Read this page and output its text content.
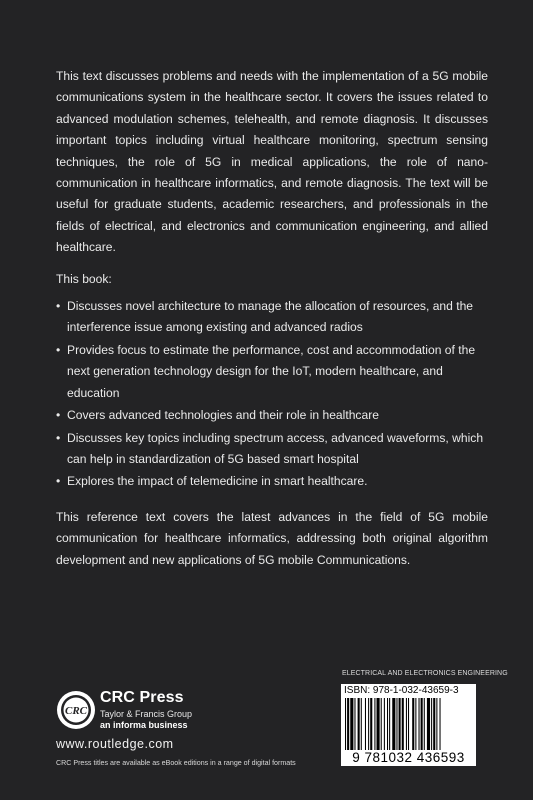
This text discusses problems and needs with the implementation of a 5G mobile communications system in the healthcare sector. It covers the issues related to advanced modulation schemes, telehealth, and remote diagnosis. It discusses important topics including virtual healthcare monitoring, spectrum sensing techniques, the role of 5G in medical applications, the role of nano-communication in healthcare informatics, and remote diagnosis. The text will be useful for graduate students, academic researchers, and professionals in the fields of electrical, and electronics and communication engineering, and allied healthcare.

This book:

• Discusses novel architecture to manage the allocation of resources, and the interference issue among existing and advanced radios
• Provides focus to estimate the performance, cost and accommodation of the next generation technology design for the IoT, modern healthcare, and education
• Covers advanced technologies and their role in healthcare
• Discusses key topics including spectrum access, advanced waveforms, which can help in standardization of 5G based smart hospital
• Explores the impact of telemedicine in smart healthcare.

This reference text covers the latest advances in the field of 5G mobile communication for healthcare informatics, addressing both original algorithm development and new applications of 5G mobile Communications.

CRC
CRC Press
Taylor & Francis Group
an informa business
www.routledge.com
CRC Press titles are available as eBook editions in a range of digital formats
ELECTRICAL AND ELECTRONICS ENGINEERING
ISBN: 978-1-032-43659-3
9 781032 436593
